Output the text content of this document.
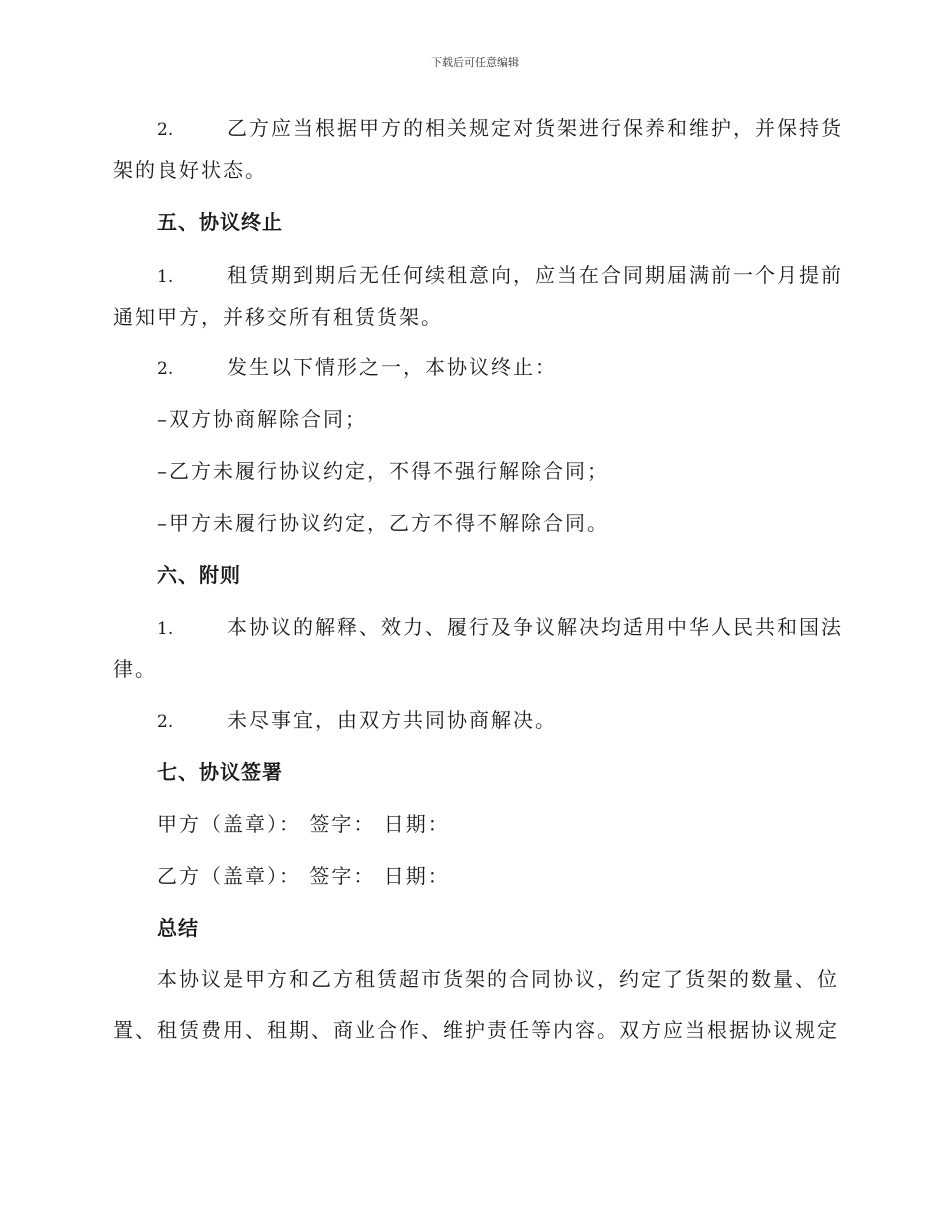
下载后可任意编辑
2.	乙方应当根据甲方的相关规定对货架进行保养和维护，并保持货
架的良好状态。
五、协议终止
1.	租赁期到期后无任何续租意向，应当在合同期届满前一个月提前
通知甲方，并移交所有租赁货架。
2.	发生以下情形之一，本协议终止：
–双方协商解除合同；
–乙方未履行协议约定，不得不强行解除合同；
–甲方未履行协议约定，乙方不得不解除合同。
六、附则
1.	本协议的解释、效力、履行及争议解决均适用中华人民共和国法
律。
2.	未尽事宜，由双方共同协商解决。
七、协议签署
甲方（盖章）： 签字： 日期：
乙方（盖章）： 签字： 日期：
总结
本协议是甲方和乙方租赁超市货架的合同协议，约定了货架的数量、位
置、租赁费用、租期、商业合作、维护责任等内容。双方应当根据协议规定
